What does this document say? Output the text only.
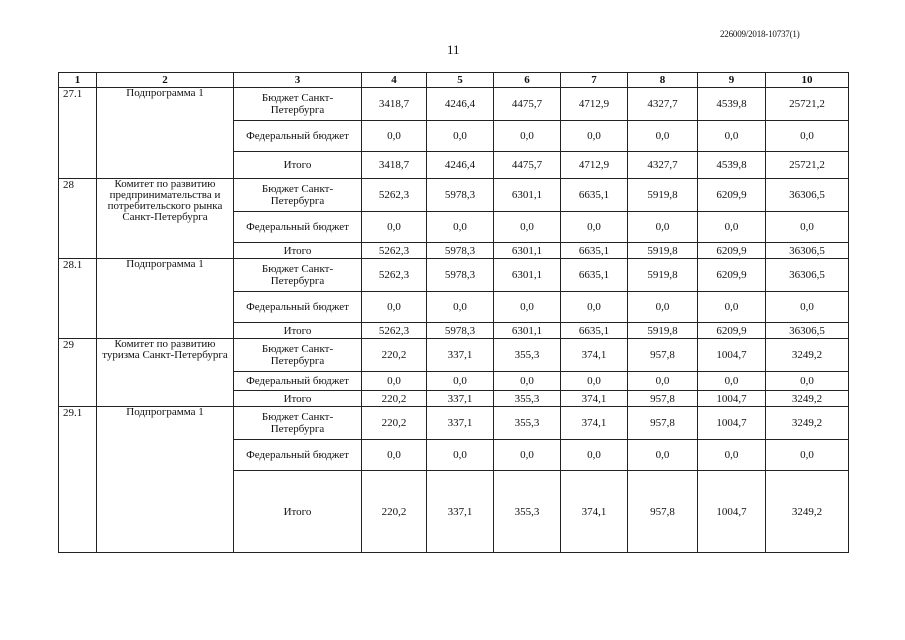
226009/2018-10737(1)
11
1	2	3	4	5	6	7	8	9	10
27.1	Подпрограмма 1	Бюджет Санкт-Петербурга	3418,7	4246,4	4475,7	4712,9	4327,7	4539,8	25721,2
		Федеральный бюджет	0,0	0,0	0,0	0,0	0,0	0,0	0,0
		Итого	3418,7	4246,4	4475,7	4712,9	4327,7	4539,8	25721,2
28	Комитет по развитию предпринимательства и потребительского рынка Санкт-Петербурга	Бюджет Санкт-Петербурга	5262,3	5978,3	6301,1	6635,1	5919,8	6209,9	36306,5
		Федеральный бюджет	0,0	0,0	0,0	0,0	0,0	0,0	0,0
		Итого	5262,3	5978,3	6301,1	6635,1	5919,8	6209,9	36306,5
28.1	Подпрограмма 1	Бюджет Санкт-Петербурга	5262,3	5978,3	6301,1	6635,1	5919,8	6209,9	36306,5
		Федеральный бюджет	0,0	0,0	0,0	0,0	0,0	0,0	0,0
		Итого	5262,3	5978,3	6301,1	6635,1	5919,8	6209,9	36306,5
29	Комитет по развитию туризма Санкт-Петербурга	Бюджет Санкт-Петербурга	220,2	337,1	355,3	374,1	957,8	1004,7	3249,2
		Федеральный бюджет	0,0	0,0	0,0	0,0	0,0	0,0	0,0
		Итого	220,2	337,1	355,3	374,1	957,8	1004,7	3249,2
29.1	Подпрограмма 1	Бюджет Санкт-Петербурга	220,2	337,1	355,3	374,1	957,8	1004,7	3249,2
		Федеральный бюджет	0,0	0,0	0,0	0,0	0,0	0,0	0,0
		Итого	220,2	337,1	355,3	374,1	957,8	1004,7	3249,2
